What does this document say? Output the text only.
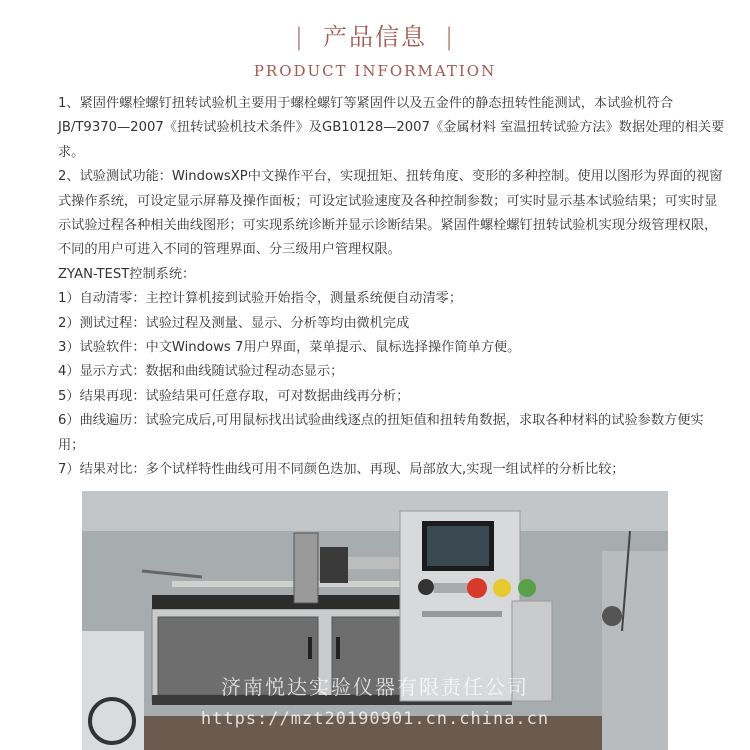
| 产品信息 |
PRODUCT INFORMATION

1、紧固件螺栓螺钉扭转试验机主要用于螺栓螺钉等紧固件以及五金件的静态扭转性能测试，本试验机符合JB/T9370—2007《扭转试验机技术条件》及GB10128—2007《金属材料 室温扭转试验方法》数据处理的相关要求。

2、试验测试功能：WindowsXP中文操作平台，实现扭矩、扭转角度、变形的多种控制。使用以图形为界面的视窗式操作系统，可设定显示屏幕及操作面板；可设定试验速度及各种控制参数；可实时显示基本试验结果；可实时显示试验过程各种相关曲线图形；可实现系统诊断并显示诊断结果。紧固件螺栓螺钉扭转试验机实现分级管理权限，不同的用户可进入不同的管理界面、分三级用户管理权限。

ZYAN-TEST控制系统：

1）自动清零：主控计算机接到试验开始指令，测量系统便自动清零；

2）测试过程：试验过程及测量、显示、分析等均由微机完成

3）试验软件：中文Windows 7用户界面，菜单提示、鼠标选择操作简单方便。

4）显示方式：数据和曲线随试验过程动态显示；

5）结果再现：试验结果可任意存取，可对数据曲线再分析；

6）曲线遍历：试验完成后,可用鼠标找出试验曲线逐点的扭矩值和扭转角数据，求取各种材料的试验参数方便实用；

7）结果对比：多个试样特性曲线可用不同颜色迭加、再现、局部放大,实现一组试样的分析比较；

济南悦达实验仪器有限责任公司
https://mzt20190901.cn.china.cn
